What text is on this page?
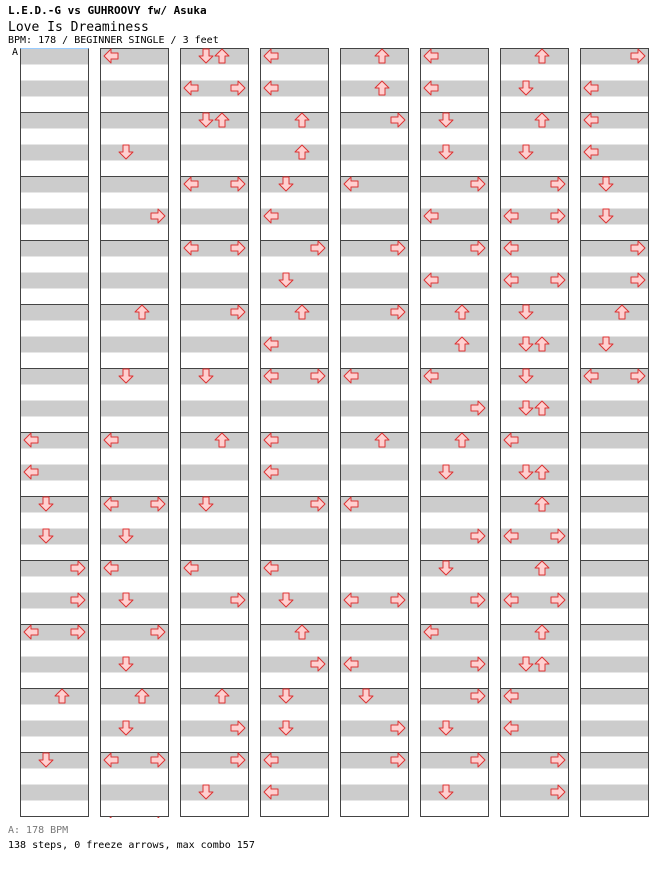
L.E.D.-G vs GUHROOVY fw/ Asuka
Love Is Dreaminess
BPM: 178 / BEGINNER SINGLE / 3 feet
A
A: 178 BPM
138 steps, 0 freeze arrows, max combo 157
